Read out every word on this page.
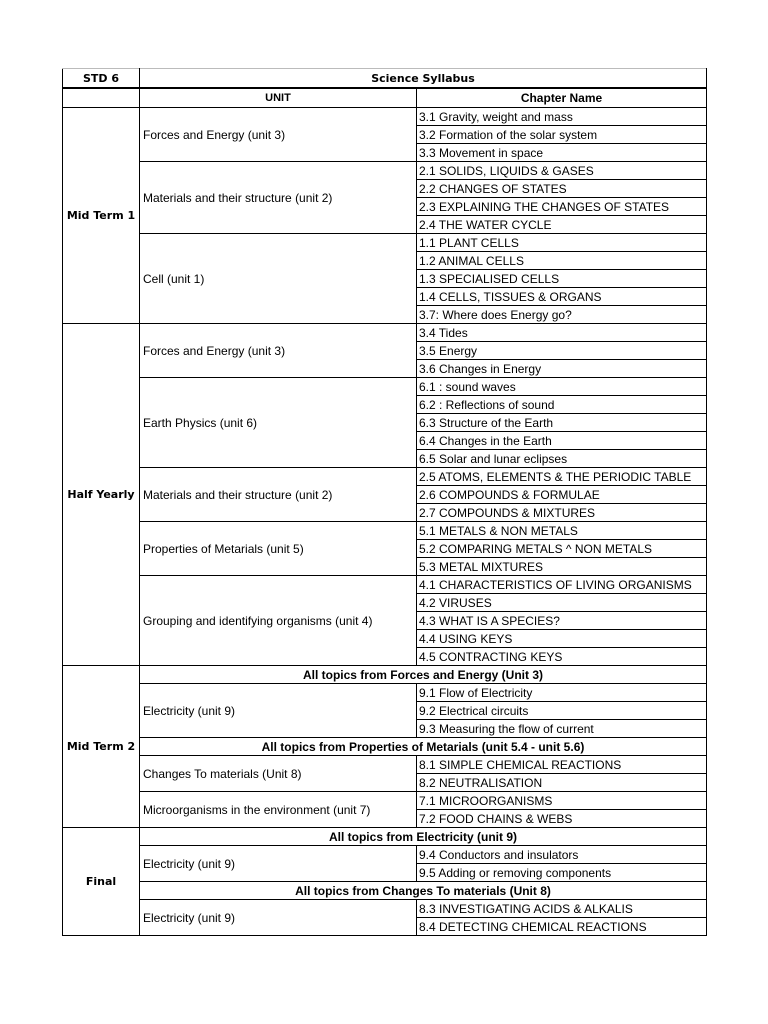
STD 6	Science Syllabus	
	UNIT	Chapter Name
Mid Term 1	Forces and Energy (unit 3)	3.1 Gravity, weight and mass
		3.2 Formation of the solar system
		3.3 Movement in space
	Materials and their structure (unit 2)	2.1 SOLIDS, LIQUIDS & GASES
		2.2 CHANGES OF STATES
		2.3 EXPLAINING THE CHANGES OF STATES
		2.4 THE WATER CYCLE
	Cell (unit 1)	1.1 PLANT CELLS
		1.2 ANIMAL CELLS
		1.3 SPECIALISED CELLS
		1.4 CELLS, TISSUES & ORGANS
		3.7: Where does Energy go?
Half Yearly	Forces and Energy (unit 3)	3.4 Tides
		3.5 Energy
		3.6 Changes in Energy
	Earth Physics (unit 6)	6.1 : sound waves
		6.2 : Reflections of sound
		6.3 Structure of the Earth
		6.4 Changes in the Earth
		6.5 Solar and lunar eclipses
	Materials and their structure (unit 2)	2.5 ATOMS, ELEMENTS & THE PERIODIC TABLE
		2.6 COMPOUNDS & FORMULAE
		2.7 COMPOUNDS & MIXTURES
	Properties of Metarials (unit 5)	5.1 METALS & NON METALS
		5.2 COMPARING METALS ^ NON METALS
		5.3 METAL MIXTURES
	Grouping and identifying organisms (unit 4)	4.1 CHARACTERISTICS OF LIVING ORGANISMS
		4.2 VIRUSES
		4.3 WHAT IS A SPECIES?
		4.4 USING KEYS
		4.5 CONTRACTING KEYS
Mid Term 2	All topics from Forces and Energy (Unit 3)	
	Electricity (unit 9)	9.1 Flow of Electricity
		9.2 Electrical circuits
		9.3 Measuring the flow of current
	All topics from Properties of Metarials (unit 5.4 - unit 5.6)	
	Changes To materials (Unit 8)	8.1 SIMPLE CHEMICAL REACTIONS
		8.2 NEUTRALISATION
	Microorganisms in the environment (unit 7)	7.1 MICROORGANISMS
		7.2 FOOD CHAINS & WEBS
Final	All topics from Electricity (unit 9)	
	Electricity (unit 9)	9.4 Conductors and insulators
		9.5 Adding or removing components
	All topics from Changes To materials (Unit 8)	
	Electricity (unit 9)	8.3 INVESTIGATING ACIDS & ALKALIS
		8.4 DETECTING CHEMICAL REACTIONS
